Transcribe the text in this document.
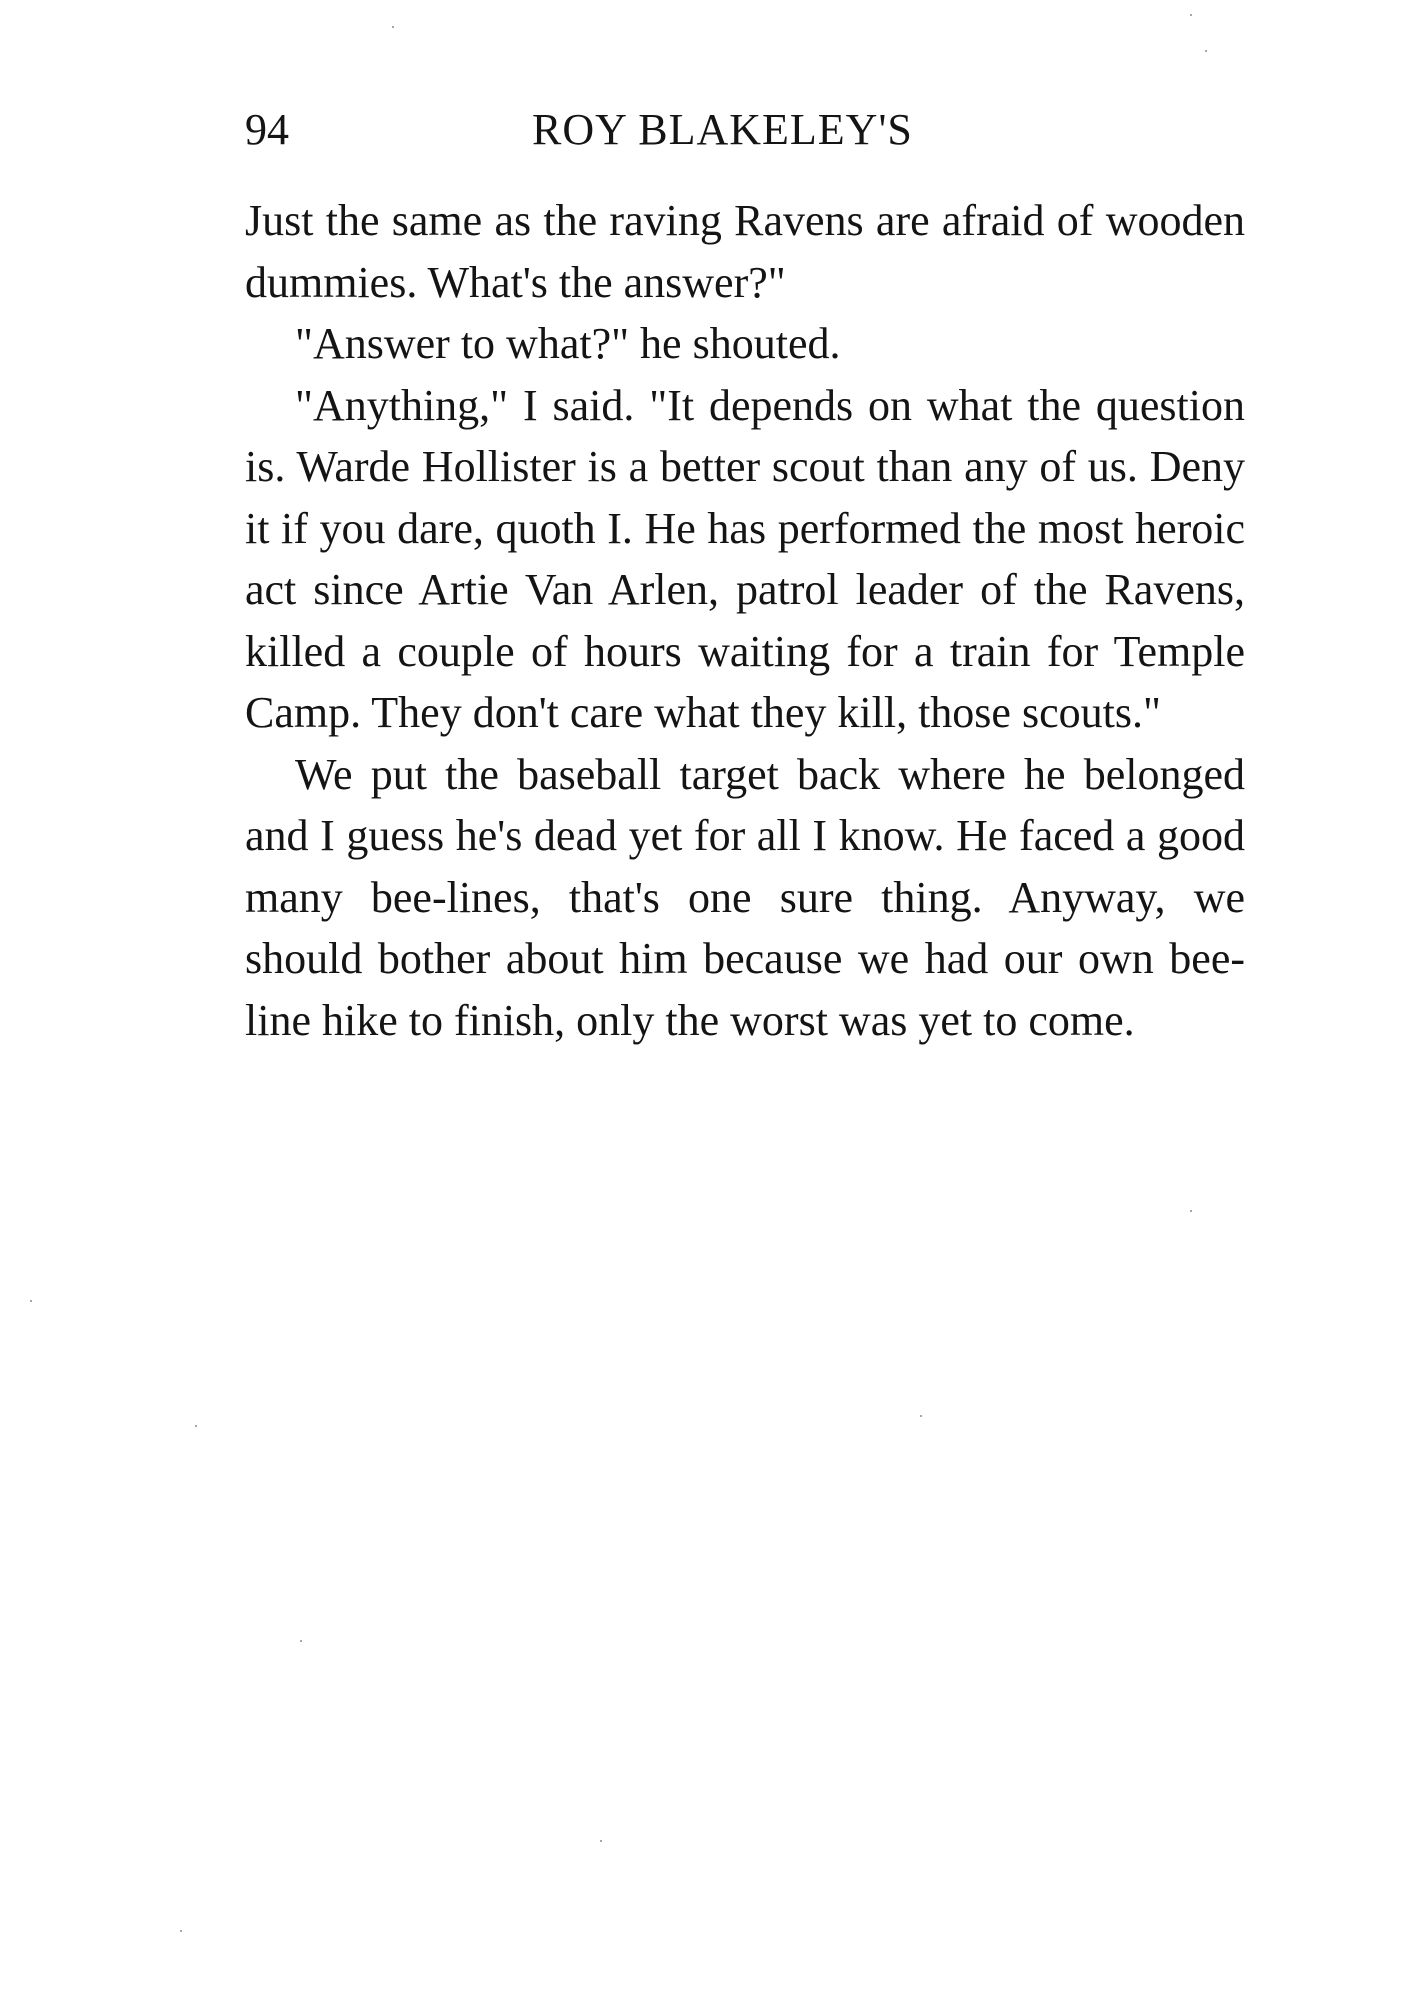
94	ROY BLAKELEY'S

Just the same as the raving Ravens are afraid of wooden dummies. What's the answer?"

"Answer to what?" he shouted.

"Anything," I said. "It depends on what the question is. Warde Hollister is a better scout than any of us. Deny it if you dare, quoth I. He has performed the most heroic act since Artie Van Arlen, patrol leader of the Ravens, killed a couple of hours waiting for a train for Temple Camp. They don't care what they kill, those scouts."

We put the baseball target back where he belonged and I guess he's dead yet for all I know. He faced a good many bee-lines, that's one sure thing. Anyway, we should bother about him because we had our own bee-line hike to finish, only the worst was yet to come.
